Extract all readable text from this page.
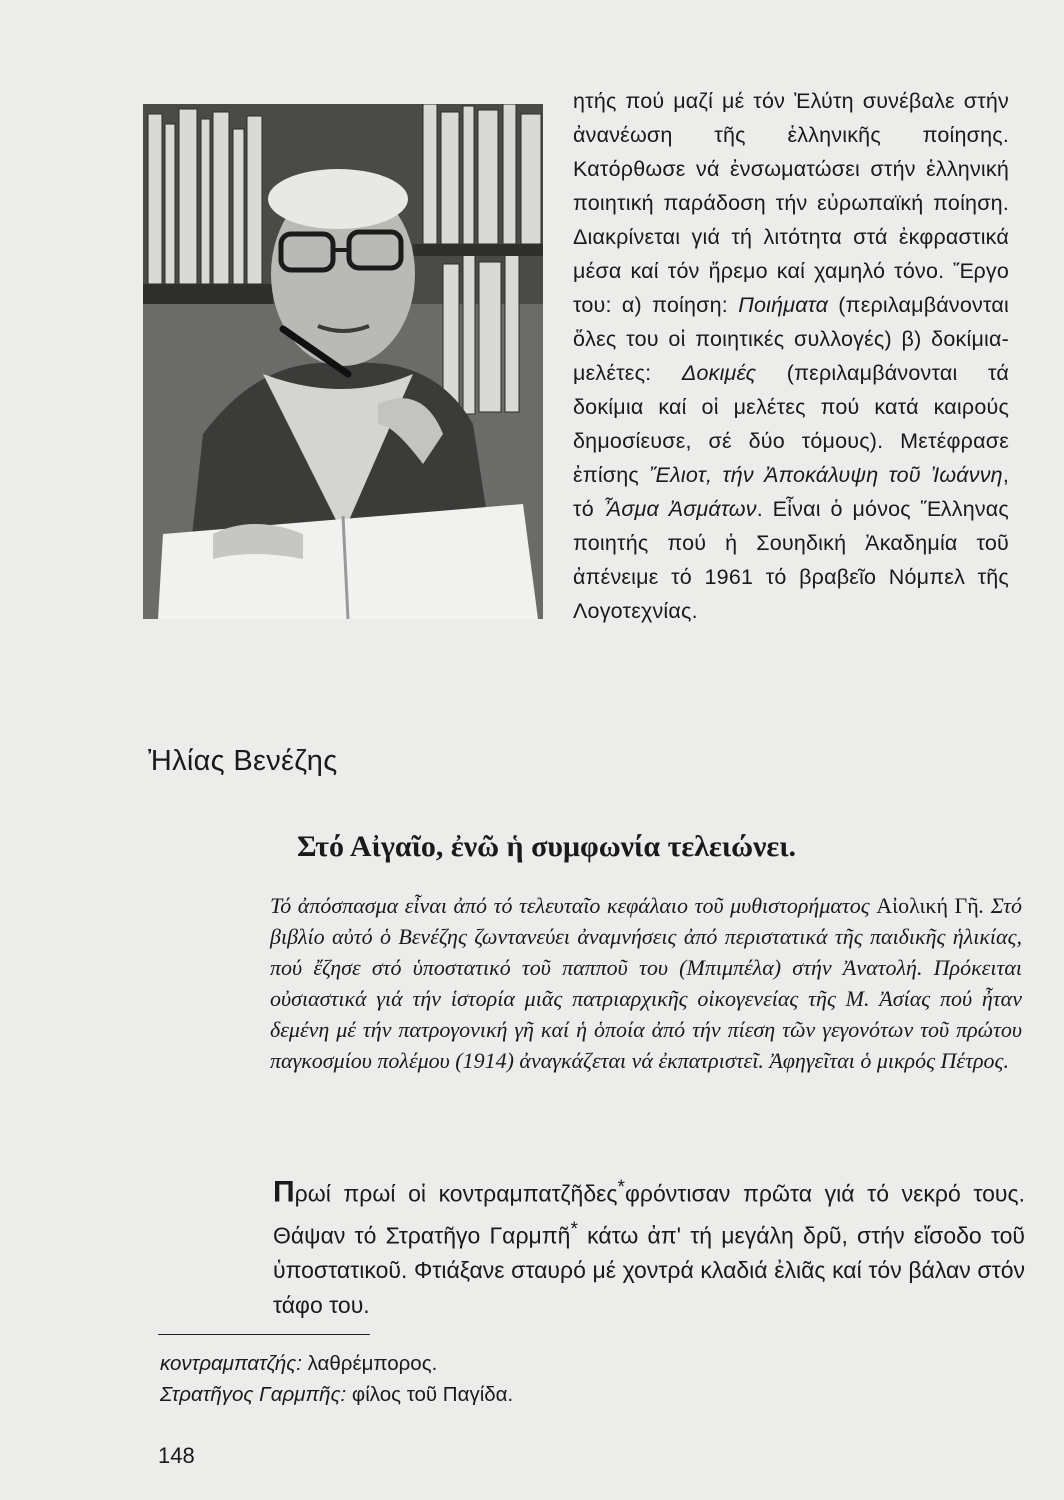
ητής πού μαζί μέ τόν Ἐλύτη συνέβαλε στήν ἀνανέωση τῆς ἑλληνικῆς ποίησης. Κατόρθωσε νά ἐνσωματώσει στήν ἑλληνική ποιητική παράδοση τήν εὐρωπαϊκή ποίηση. Διακρίνεται γιά τή λιτότητα στά ἐκφραστικά μέσα καί τόν ἤρεμο καί χαμηλό τόνο. Ἔργο του: α) ποίηση: Ποιήματα (περιλαμβάνονται ὅλες του οἱ ποιητικές συλλογές) β) δοκίμια-μελέτες: Δοκιμές (περιλαμβάνονται τά δοκίμια καί οἱ μελέτες πού κατά καιρούς δημοσίευσε, σέ δύο τόμους). Μετέφρασε ἐπίσης Ἔλιοτ, τήν Ἀποκάλυψη τοῦ Ἰωάννη, τό Ἆσμα Ἀσμάτων. Εἶναι ὁ μόνος Ἕλληνας ποιητής πού ἡ Σουηδική Ἀκαδημία τοῦ ἀπένειμε τό 1961 τό βραβεῖο Νόμπελ τῆς Λογοτεχνίας.

Ἠλίας Βενέζης
Στό Αἰγαῖο, ἐνῶ ἡ συμφωνία τελειώνει.

Τό ἀπόσπασμα εἶναι ἀπό τό τελευταῖο κεφάλαιο τοῦ μυθιστορήματος Αἰολική Γῆ. Στό βιβλίο αὐτό ὁ Βενέζης ζωντανεύει ἀναμνήσεις ἀπό περιστατικά τῆς παιδικῆς ἡλικίας, πού ἔζησε στό ὑποστατικό τοῦ παπποῦ του (Μπιμπέλα) στήν Ἀνατολή. Πρόκειται οὐσιαστικά γιά τήν ἱστορία μιᾶς πατριαρχικῆς οἰκογενείας τῆς Μ. Ἀσίας πού ἦταν δεμένη μέ τήν πατρογονική γῆ καί ἡ ὁποία ἀπό τήν πίεση τῶν γεγονότων τοῦ πρώτου παγκοσμίου πολέμου (1914) ἀναγκάζεται νά ἐκπατριστεῖ. Ἀφηγεῖται ὁ μικρός Πέτρος.

Πρωί πρωί οἱ κοντραμπατζῆδες*φρόντισαν πρῶτα γιά τό νεκρό τους. Θάψαν τό Στρατῆγο Γαρμπῆ* κάτω ἀπ' τή μεγάλη δρῦ, στήν εἴσοδο τοῦ ὑποστατικοῦ. Φτιάξανε σταυρό μέ χοντρά κλαδιά ἐλιᾶς καί τόν βάλαν στόν τάφο του.

κοντραμπατζής: λαθρέμπορος.
Στρατῆγος Γαρμπῆς: φίλος τοῦ Παγίδα.
148
